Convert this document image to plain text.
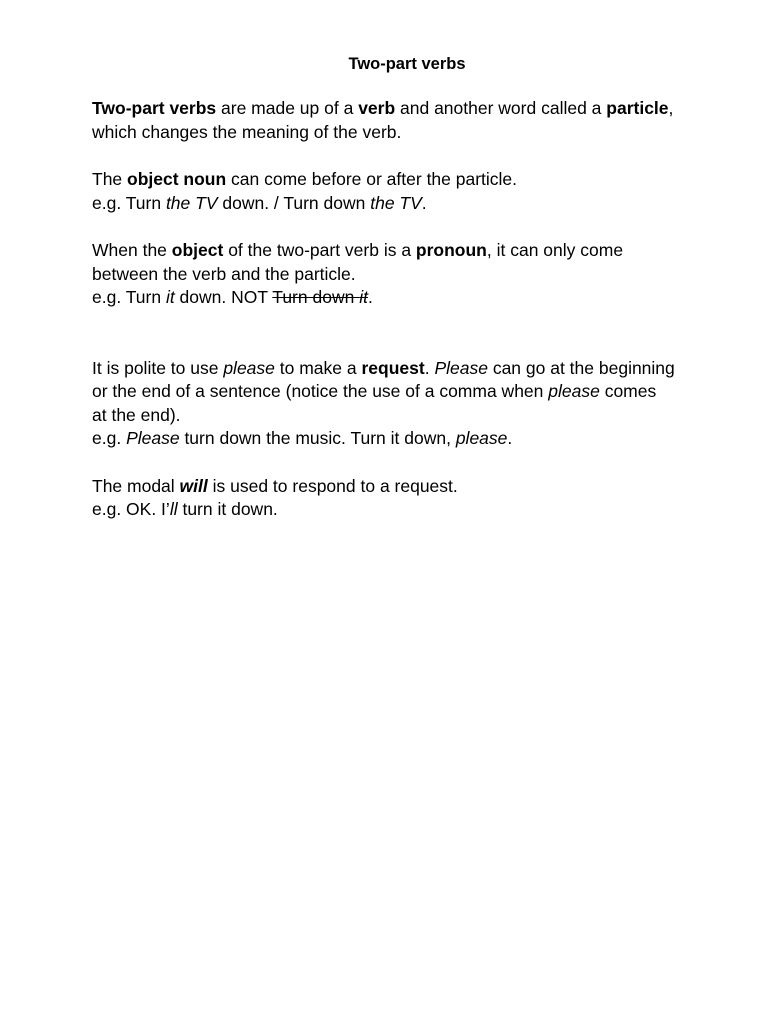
Two-part verbs
Two-part verbs are made up of a verb and another word called a particle,
which changes the meaning of the verb.
The object noun can come before or after the particle.
e.g. Turn the TV down. / Turn down the TV.
When the object of the two-part verb is a pronoun, it can only come
between the verb and the particle.
e.g. Turn it down. NOT Turn down it.
It is polite to use please to make a request. Please can go at the beginning
or the end of a sentence (notice the use of a comma when please comes
at the end).
e.g. Please turn down the music. Turn it down, please.
The modal will is used to respond to a request.
e.g. OK. I’ll turn it down.
